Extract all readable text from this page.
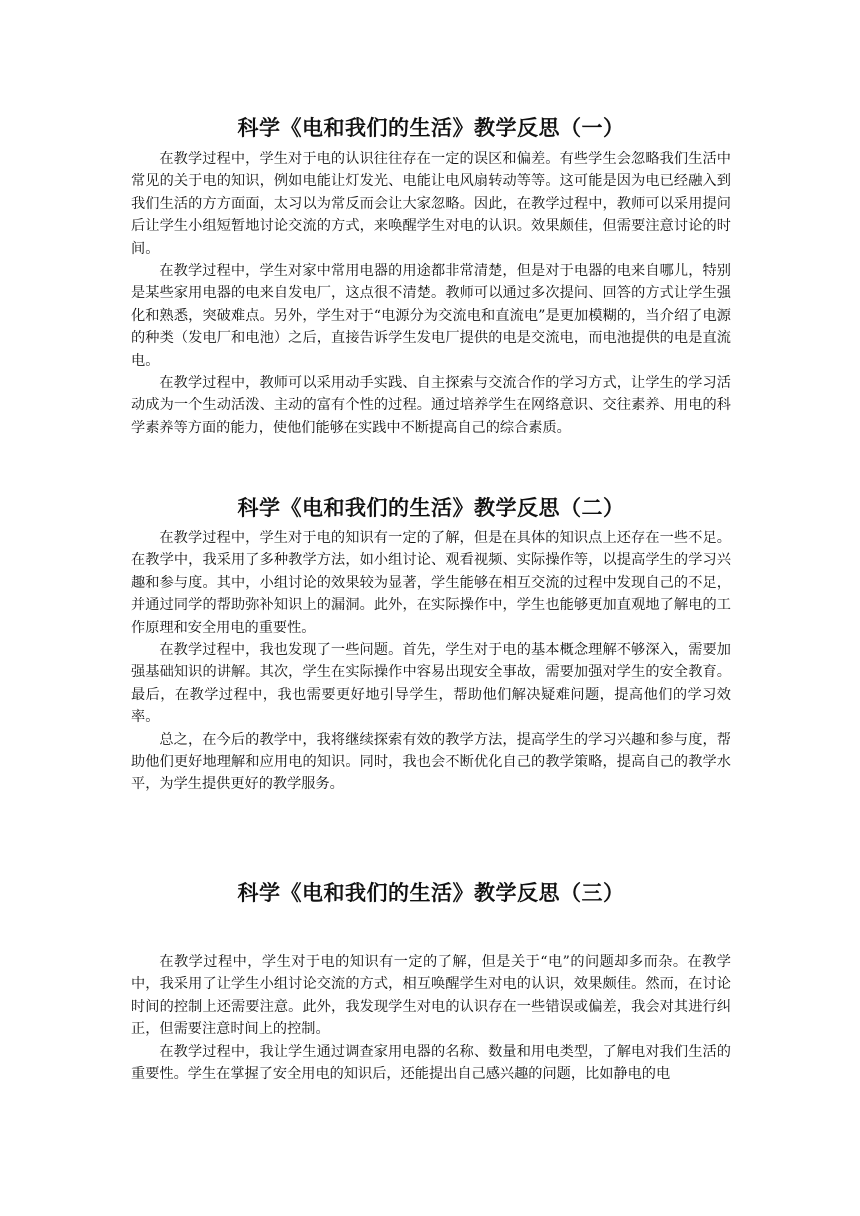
科学《电和我们的生活》教学反思（一）

在教学过程中，学生对于电的认识往往存在一定的误区和偏差。有些学生会忽略我们生活中常见的关于电的知识，例如电能让灯发光、电能让电风扇转动等等。这可能是因为电已经融入到我们生活的方方面面，太习以为常反而会让大家忽略。因此，在教学过程中，教师可以采用提问后让学生小组短暂地讨论交流的方式，来唤醒学生对电的认识。效果颇佳，但需要注意讨论的时间。

在教学过程中，学生对家中常用电器的用途都非常清楚，但是对于电器的电来自哪儿，特别是某些家用电器的电来自发电厂，这点很不清楚。教师可以通过多次提问、回答的方式让学生强化和熟悉，突破难点。另外，学生对于“电源分为交流电和直流电”是更加模糊的，当介绍了电源的种类（发电厂和电池）之后，直接告诉学生发电厂提供的电是交流电，而电池提供的电是直流电。

在教学过程中，教师可以采用动手实践、自主探索与交流合作的学习方式，让学生的学习活动成为一个生动活泼、主动的富有个性的过程。通过培养学生在网络意识、交往素养、用电的科学素养等方面的能力，使他们能够在实践中不断提高自己的综合素质。

科学《电和我们的生活》教学反思（二）

在教学过程中，学生对于电的知识有一定的了解，但是在具体的知识点上还存在一些不足。在教学中，我采用了多种教学方法，如小组讨论、观看视频、实际操作等，以提高学生的学习兴趣和参与度。其中，小组讨论的效果较为显著，学生能够在相互交流的过程中发现自己的不足，并通过同学的帮助弥补知识上的漏洞。此外，在实际操作中，学生也能够更加直观地了解电的工作原理和安全用电的重要性。

在教学过程中，我也发现了一些问题。首先，学生对于电的基本概念理解不够深入，需要加强基础知识的讲解。其次，学生在实际操作中容易出现安全事故，需要加强对学生的安全教育。最后，在教学过程中，我也需要更好地引导学生，帮助他们解决疑难问题，提高他们的学习效率。

总之，在今后的教学中，我将继续探索有效的教学方法，提高学生的学习兴趣和参与度，帮助他们更好地理解和应用电的知识。同时，我也会不断优化自己的教学策略，提高自己的教学水平，为学生提供更好的教学服务。

科学《电和我们的生活》教学反思（三）

在教学过程中，学生对于电的知识有一定的了解，但是关于“电”的问题却多而杂。在教学中，我采用了让学生小组讨论交流的方式，相互唤醒学生对电的认识，效果颇佳。然而，在讨论时间的控制上还需要注意。此外，我发现学生对电的认识存在一些错误或偏差，我会对其进行纠正，但需要注意时间上的控制。

在教学过程中，我让学生通过调查家用电器的名称、数量和用电类型，了解电对我们生活的重要性。学生在掌握了安全用电的知识后，还能提出自己感兴趣的问题，比如静电的电
